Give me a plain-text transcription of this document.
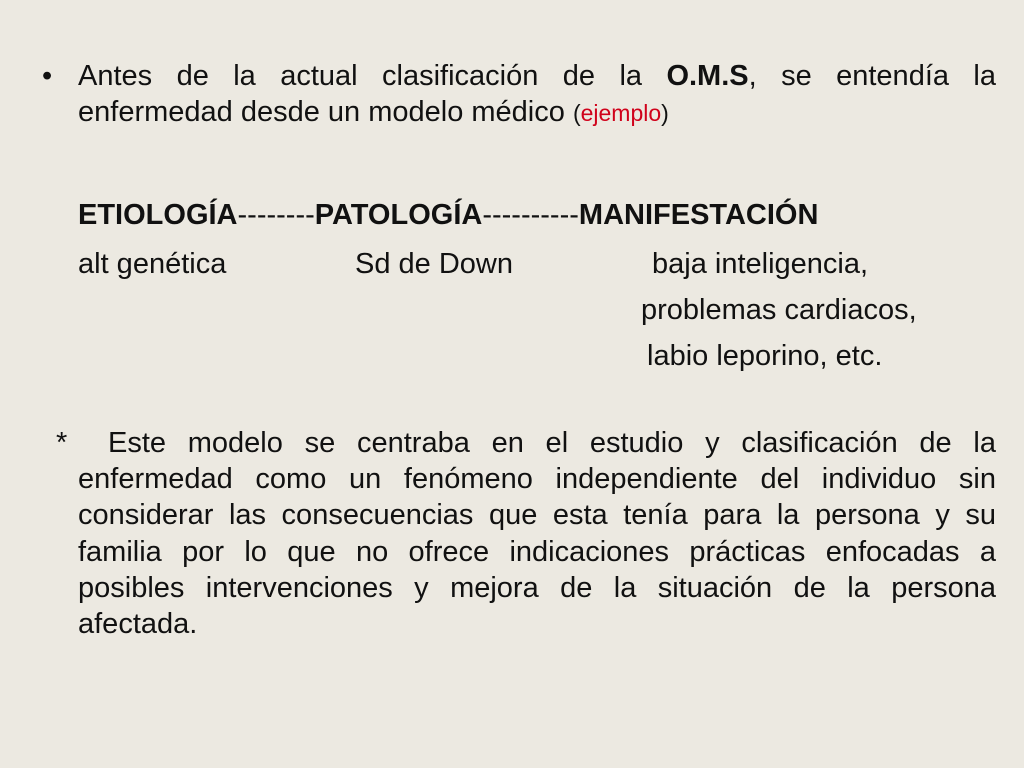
• Antes de la actual clasificación de la O.M.S, se entendía la
enfermedad desde un modelo médico (ejemplo)
ETIOLOGÍA--------PATOLOGÍA----------MANIFESTACIÓN
alt genética	Sd de Down	baja inteligencia,
problemas cardiacos,
labio leporino, etc.
*	Este modelo se centraba en el estudio y clasificación de la enfermedad como un fenómeno independiente del individuo sin considerar las consecuencias que esta tenía para la persona y su familia por lo que no ofrece indicaciones prácticas enfocadas a posibles intervenciones y mejora de la situación de la persona afectada.
